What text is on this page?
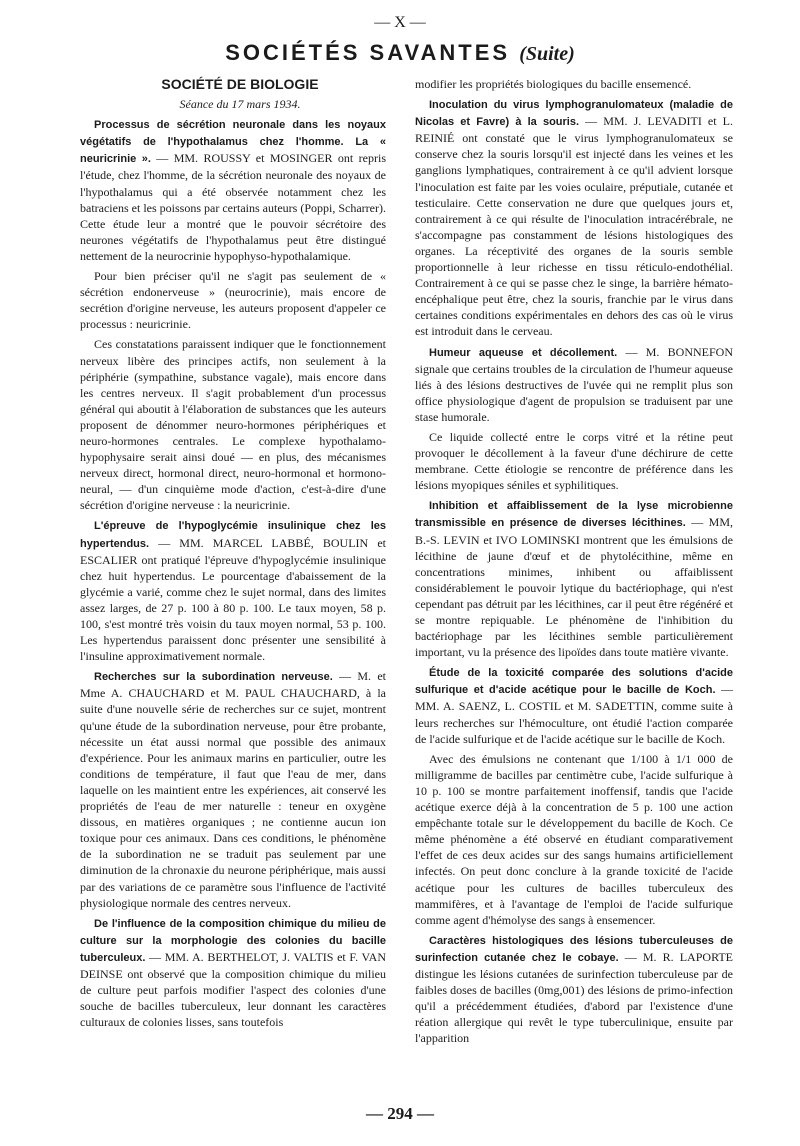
— X —
SOCIÉTÉS SAVANTES (Suite)

SOCIÉTÉ DE BIOLOGIE

Séance du 17 mars 1934.

Processus de sécrétion neuronale dans les noyaux végétatifs de l'hypothalamus chez l'homme. La « neuricrinie ». — MM. ROUSSY et MOSINGER ont repris l'étude, chez l'homme, de la sécrétion neuronale des noyaux de l'hypothalamus qui a été observée notamment chez les batraciens et les poissons par certains auteurs (Poppi, Scharrer). Cette étude leur a montré que le pouvoir sécrétoire des neurones végétatifs de l'hypothalamus peut être distingué nettement de la neurocrinie hypophyso-hypothalamique.

Pour bien préciser qu'il ne s'agit pas seulement de « sécrétion endonerveuse » (neurocrinie), mais encore de secrétion d'origine nerveuse, les auteurs proposent d'appeler ce processus : neuricrinie.

Ces constatations paraissent indiquer que le fonctionnement nerveux libère des principes actifs, non seulement à la périphérie (sympathine, substance vagale), mais encore dans les centres nerveux. Il s'agit probablement d'un processus général qui aboutit à l'élaboration de substances que les auteurs proposent de dénommer neuro-hormones périphériques et neuro-hormones centrales. Le complexe hypothalamo-hypophysaire serait ainsi doué — en plus, des mécanismes nerveux direct, hormonal direct, neuro-hormonal et hormono-neural, — d'un cinquième mode d'action, c'est-à-dire d'une sécrétion d'origine nerveuse : la neuricrinie.

L'épreuve de l'hypoglycémie insulinique chez les hypertendus. — MM. MARCEL LABBÉ, BOULIN et ESCALIER ont pratiqué l'épreuve d'hypoglycémie insulinique chez huit hypertendus. Le pourcentage d'abaissement de la glycémie a varié, comme chez le sujet normal, dans des limites assez larges, de 27 p. 100 à 80 p. 100. Le taux moyen, 58 p. 100, s'est montré très voisin du taux moyen normal, 53 p. 100. Les hypertendus paraissent donc présenter une sensibilité à l'insuline approximativement normale.

Recherches sur la subordination nerveuse. — M. et Mme A. CHAUCHARD et M. PAUL CHAUCHARD, à la suite d'une nouvelle série de recherches sur ce sujet, montrent qu'une étude de la subordination nerveuse, pour être probante, nécessite un état aussi normal que possible des animaux d'expérience. Pour les animaux marins en particulier, outre les conditions de température, il faut que l'eau de mer, dans laquelle on les maintient entre les expériences, ait conservé les propriétés de l'eau de mer naturelle : teneur en oxygène dissous, en matières organiques ; ne contienne aucun ion toxique pour ces animaux. Dans ces conditions, le phénomène de la subordination ne se traduit pas seulement par une diminution de la chronaxie du neurone périphérique, mais aussi par des variations de ce paramètre sous l'influence de l'activité physiologique normale des centres nerveux.

De l'influence de la composition chimique du milieu de culture sur la morphologie des colonies du bacille tuberculeux. — MM. A. BERTHELOT, J. VALTIS et F. VAN DEINSE ont observé que la composition chimique du milieu de culture peut parfois modifier l'aspect des colonies d'une souche de bacilles tuberculeux, leur donnant les caractères culturaux de colonies lisses, sans toutefois

modifier les propriétés biologiques du bacille ensemencé.

Inoculation du virus lymphogranulomateux (maladie de Nicolas et Favre) à la souris. — MM. J. LEVADITI et L. REINIÉ ont constaté que le virus lymphogranulomateux se conserve chez la souris lorsqu'il est injecté dans les veines et les ganglions lymphatiques, contrairement à ce qu'il advient lorsque l'inoculation est faite par les voies oculaire, préputiale, cutanée et testiculaire. Cette conservation ne dure que quelques jours et, contrairement à ce qui résulte de l'inoculation intracérébrale, ne s'accompagne pas constamment de lésions histologiques des organes. La réceptivité des organes de la souris semble proportionnelle à leur richesse en tissu réticulo-endothélial. Contrairement à ce qui se passe chez le singe, la barrière hémato-encéphalique peut être, chez la souris, franchie par le virus dans certaines conditions expérimentales en dehors des cas où le virus est introduit dans le cerveau.

Humeur aqueuse et décollement. — M. BONNEFON signale que certains troubles de la circulation de l'humeur aqueuse liés à des lésions destructives de l'uvée qui ne remplit plus son office physiologique d'agent de propulsion se traduisent par une stase humorale.

Ce liquide collecté entre le corps vitré et la rétine peut provoquer le décollement à la faveur d'une déchirure de cette membrane. Cette étiologie se rencontre de préférence dans les lésions myopiques séniles et syphilitiques.

Inhibition et affaiblissement de la lyse microbienne transmissible en présence de diverses lécithines. — MM, B.-S. LEVIN et IVO LOMINSKI montrent que les émulsions de lécithine de jaune d'œuf et de phytolécithine, même en concentrations minimes, inhibent ou affaiblissent considérablement le pouvoir lytique du bactériophage, qui n'est cependant pas détruit par les lécithines, car il peut être régénéré et se montre repiquable. Le phénomène de l'inhibition du bactériophage par les lécithines semble particulièrement important, vu la présence des lipoïdes dans toute matière vivante.

Étude de la toxicité comparée des solutions d'acide sulfurique et d'acide acétique pour le bacille de Koch. — MM. A. SAENZ, L. COSTIL et M. SADETTIN, comme suite à leurs recherches sur l'hémoculture, ont étudié l'action comparée de l'acide sulfurique et de l'acide acétique sur le bacille de Koch.

Avec des émulsions ne contenant que 1/100 à 1/1 000 de milligramme de bacilles par centimètre cube, l'acide sulfurique à 10 p. 100 se montre parfaitement inoffensif, tandis que l'acide acétique exerce déjà à la concentration de 5 p. 100 une action empêchante totale sur le développement du bacille de Koch. Ce même phénomène a été observé en étudiant comparativement l'effet de ces deux acides sur des sangs humains artificiellement infectés. On peut donc conclure à la grande toxicité de l'acide acétique pour les cultures de bacilles tuberculeux des mammifères, et à l'avantage de l'emploi de l'acide sulfurique comme agent d'hémolyse des sangs à ensemencer.

Caractères histologiques des lésions tuberculeuses de surinfection cutanée chez le cobaye. — M. R. LAPORTE distingue les lésions cutanées de surinfection tuberculeuse par de faibles doses de bacilles (0mg,001) des lésions de primo-infection qu'il a précédemment étudiées, d'abord par l'existence d'une réation allergique qui revêt le type tuberculinique, ensuite par l'apparition

— 294 —
